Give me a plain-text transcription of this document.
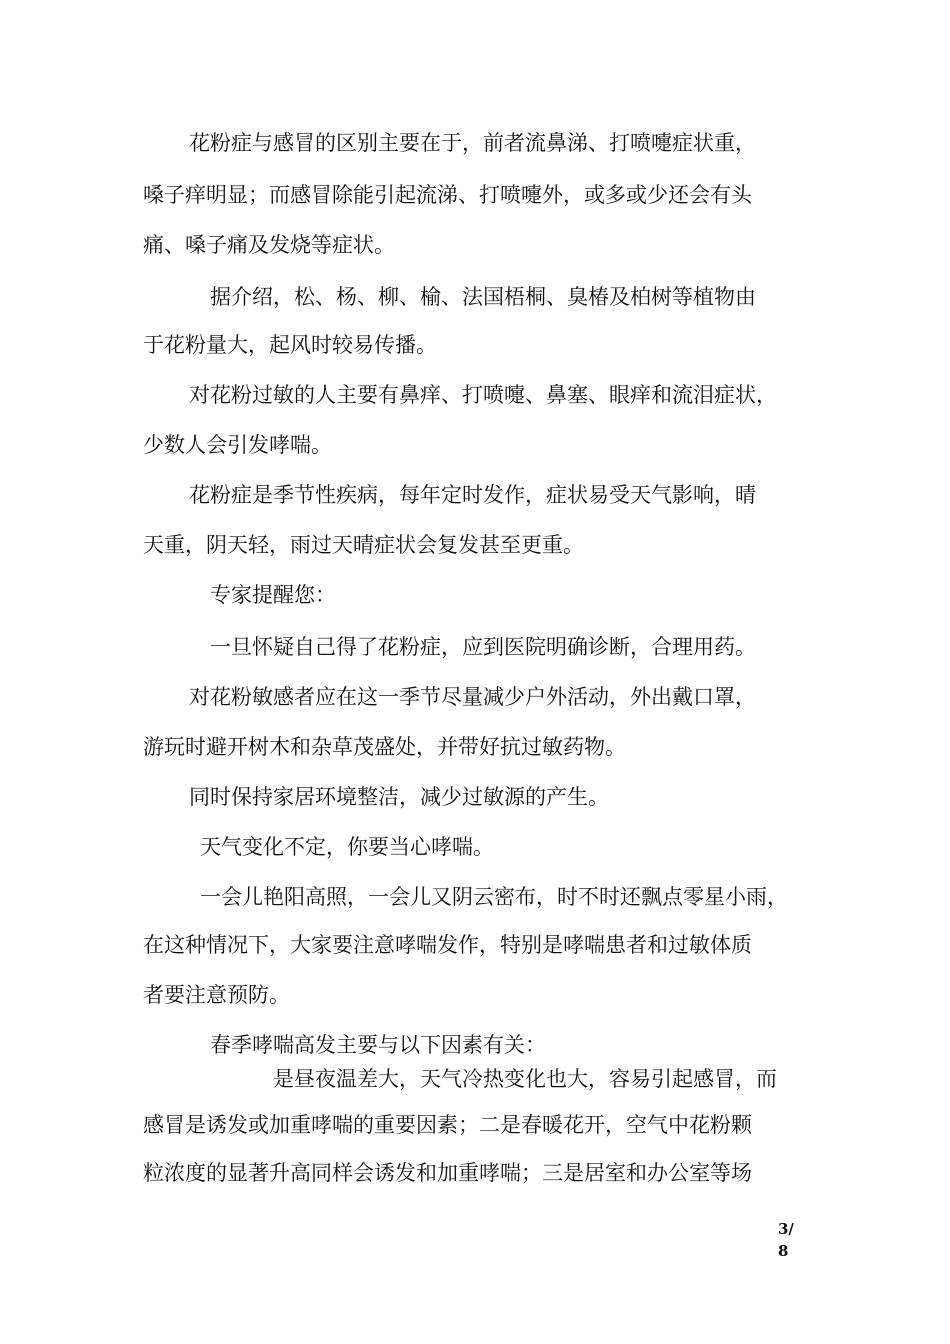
花粉症与感冒的区别主要在于，前者流鼻涕、打喷嚏症状重，
嗓子痒明显；而感冒除能引起流涕、打喷嚏外，或多或少还会有头
痛、嗓子痛及发烧等症状。
据介绍，松、杨、柳、榆、法国梧桐、臭椿及柏树等植物由
于花粉量大，起风时较易传播。
对花粉过敏的人主要有鼻痒、打喷嚏、鼻塞、眼痒和流泪症状，
少数人会引发哮喘。
花粉症是季节性疾病，每年定时发作，症状易受天气影响，晴
天重，阴天轻，雨过天晴症状会复发甚至更重。
专家提醒您：
一旦怀疑自己得了花粉症，应到医院明确诊断，合理用药。
对花粉敏感者应在这一季节尽量减少户外活动，外出戴口罩，
游玩时避开树木和杂草茂盛处，并带好抗过敏药物。
同时保持家居环境整洁，减少过敏源的产生。
天气变化不定，你要当心哮喘。
一会儿艳阳高照，一会儿又阴云密布，时不时还飘点零星小雨，
在这种情况下，大家要注意哮喘发作，特别是哮喘患者和过敏体质
者要注意预防。
春季哮喘高发主要与以下因素有关：
是昼夜温差大，天气冷热变化也大，容易引起感冒，而
感冒是诱发或加重哮喘的重要因素；二是春暖花开，空气中花粉颗
粒浓度的显著升高同样会诱发和加重哮喘；三是居室和办公室等场
3/
8
